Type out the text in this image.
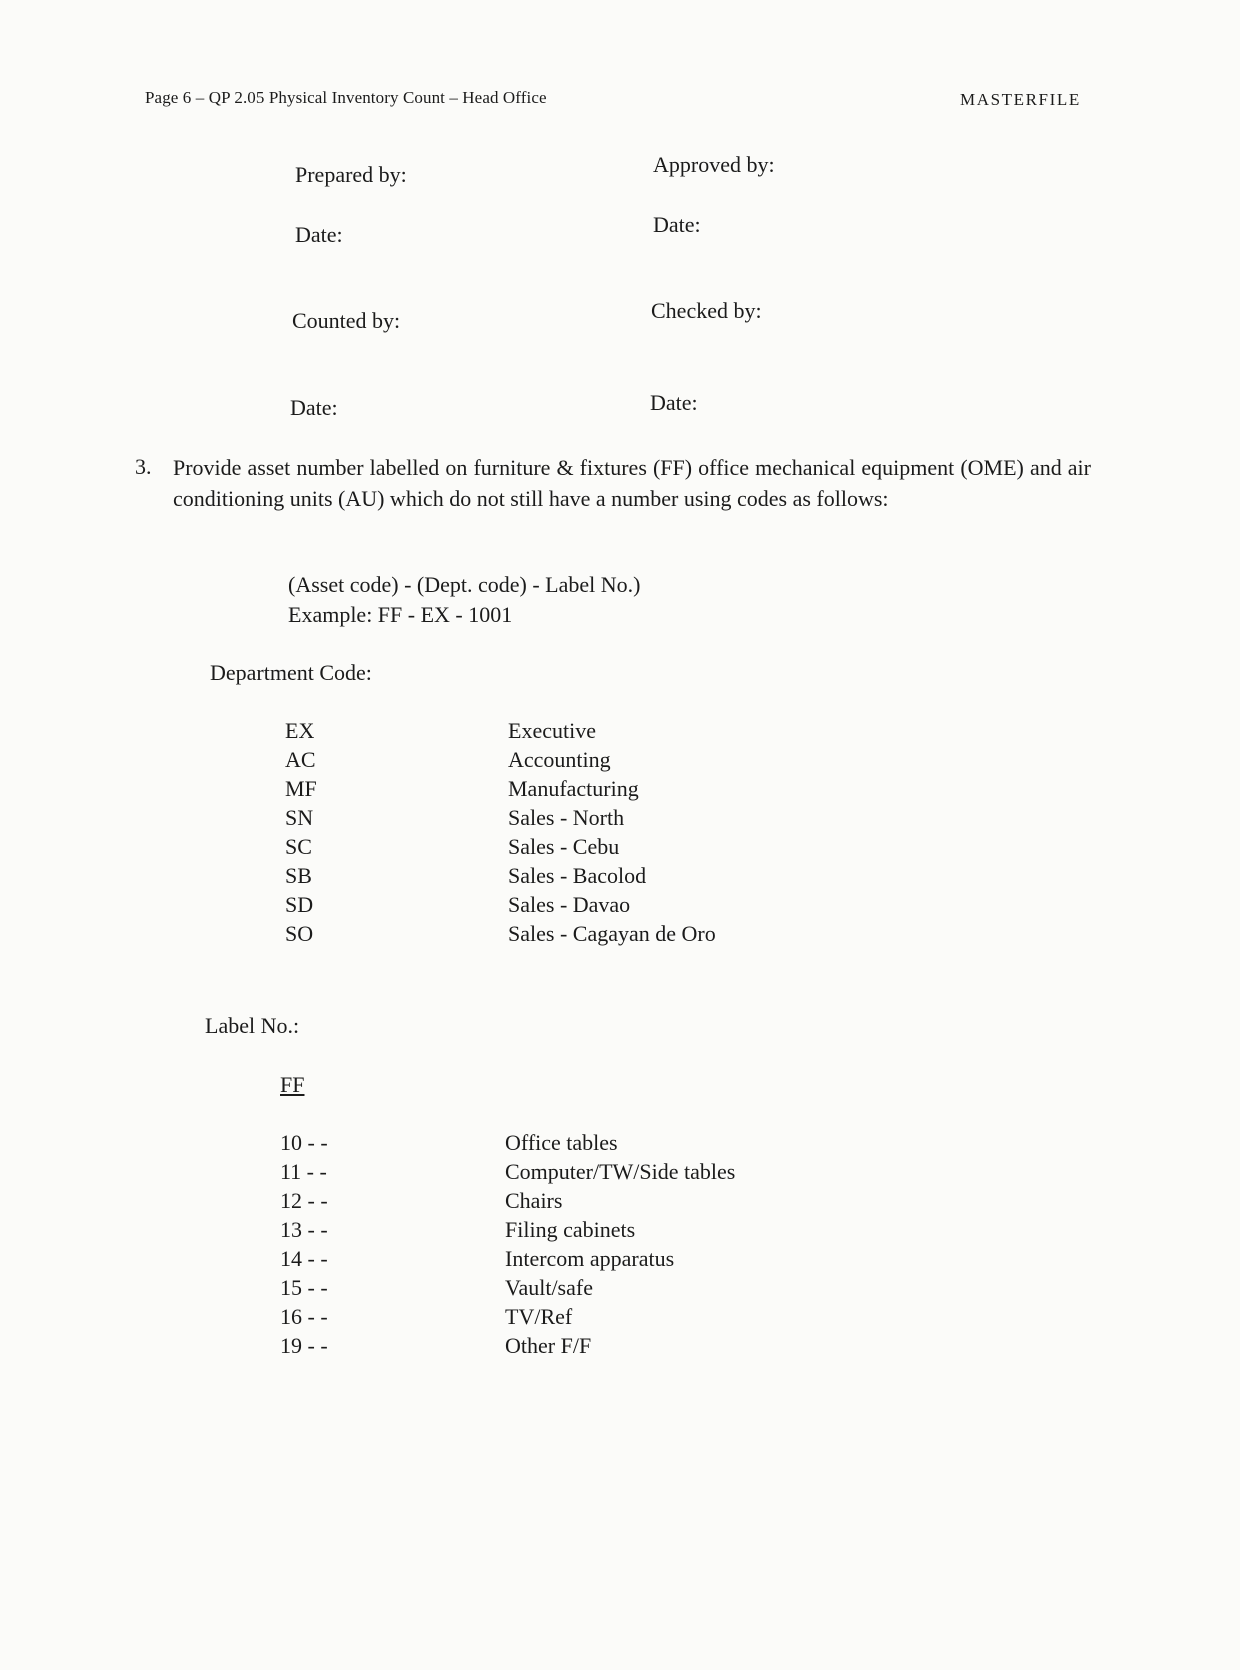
Page 6 – QP 2.05 Physical Inventory Count – Head Office	MASTERFILE
Prepared by:	Approved by:
Date:	Date:
Counted by:	Checked by:
Date:	Date:
3. Provide asset number labelled on furniture & fixtures (FF) office mechanical equipment (OME) and air conditioning units (AU) which do not still have a number using codes as follows:
(Asset code) - (Dept. code) - Label No.)
Example: FF - EX - 1001
Department Code:
EX	Executive
AC	Accounting
MF	Manufacturing
SN	Sales - North
SC	Sales - Cebu
SB	Sales - Bacolod
SD	Sales - Davao
SO	Sales - Cagayan de Oro
Label No.:
FF
10 - -	Office tables
11 - -	Computer/TW/Side tables
12 - -	Chairs
13 - -	Filing cabinets
14 - -	Intercom apparatus
15 - -	Vault/safe
16 - -	TV/Ref
19 - -	Other F/F
